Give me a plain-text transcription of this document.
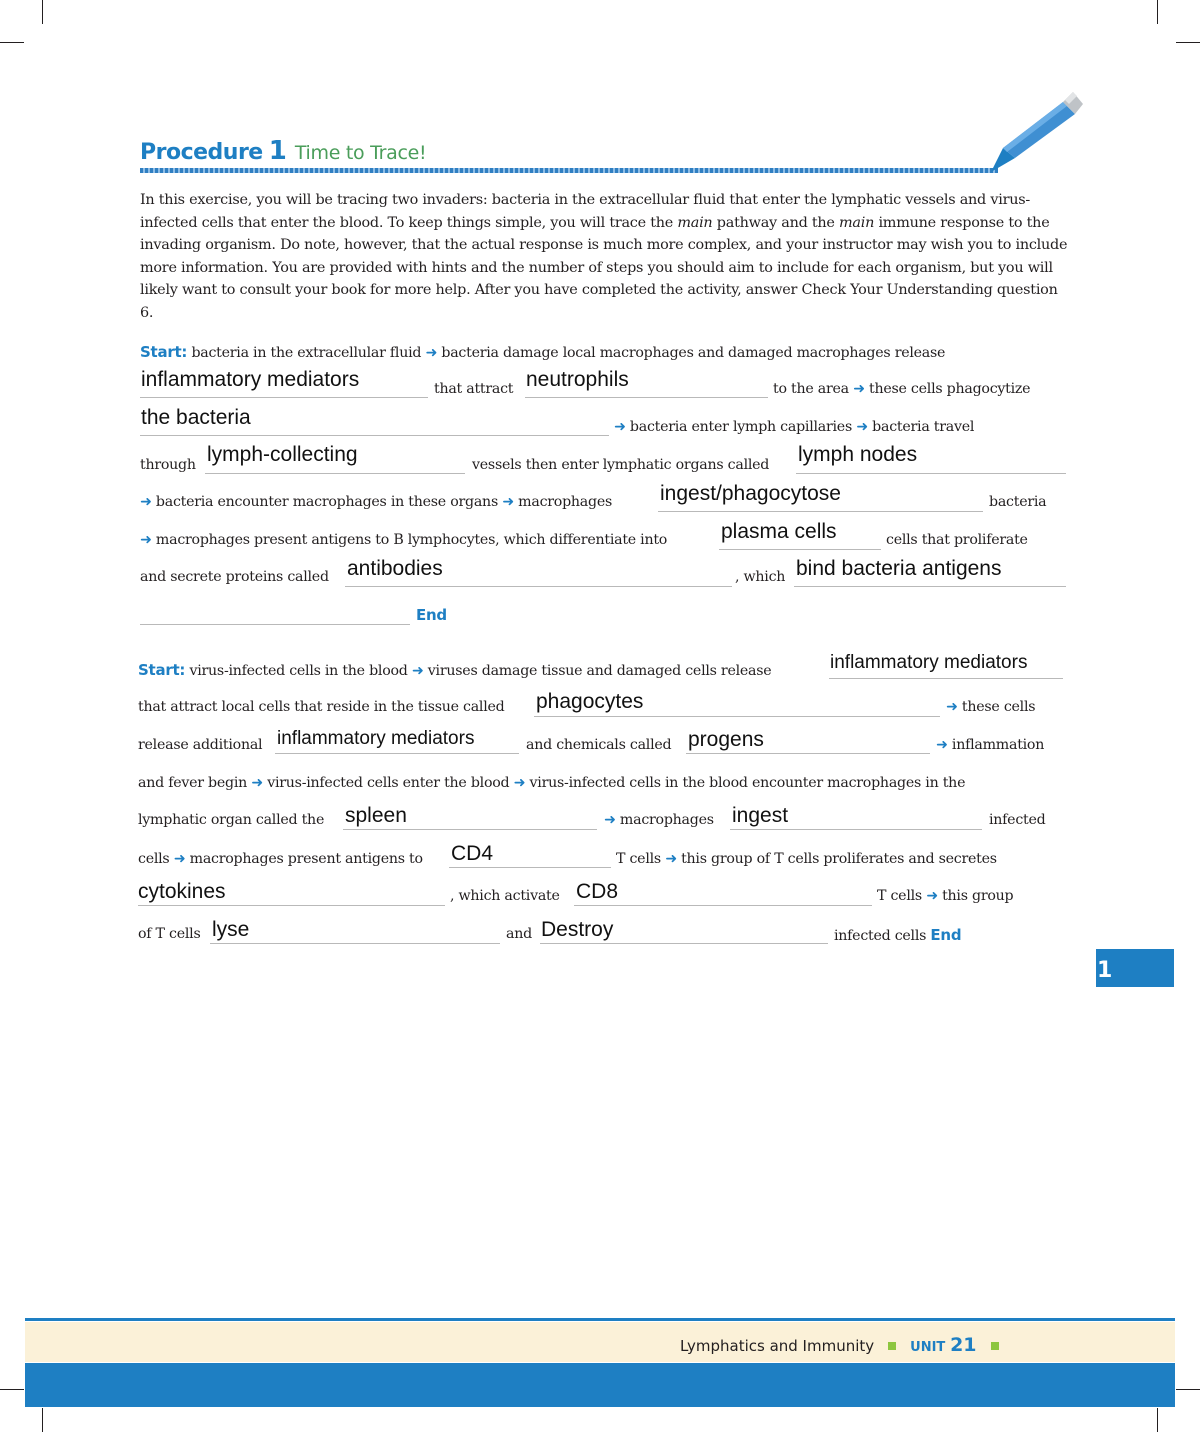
Procedure 1 Time to Trace!
In this exercise, you will be tracing two invaders: bacteria in the extracellular fluid that enter the lymphatic vessels and virus-infected cells that enter the blood. To keep things simple, you will trace the main pathway and the main immune response to the invading organism. Do note, however, that the actual response is much more complex, and your instructor may wish you to include more information. You are provided with hints and the number of steps you should aim to include for each organism, but you will likely want to consult your book for more help. After you have completed the activity, answer Check Your Understanding question 6.
Start: bacteria in the extracellular fluid ➜ bacteria damage local macrophages and damaged macrophages release
inflammatory mediators	that attract neutrophils	to the area ➜ these cells phagocytize
the bacteria	➜ bacteria enter lymph capillaries ➜ bacteria travel
through lymph-collecting	vessels then enter lymphatic organs called lymph nodes
➜ bacteria encounter macrophages in these organs ➜ macrophages ingest/phagocytose	bacteria
➜ macrophages present antigens to B lymphocytes, which differentiate into	plasma cells	cells that proliferate
and secrete proteins called antibodies	, which bind bacteria antigens
End
Start: virus-infected cells in the blood ➜ viruses damage tissue and damaged cells release	inflammatory mediators
that attract local cells that reside in the tissue called phagocytes	➜ these cells
release additional inflammatory mediators	and chemicals called progens	➜ inflammation
and fever begin ➜ virus-infected cells enter the blood ➜ virus-infected cells in the blood encounter macrophages in the
lymphatic organ called the spleen	➜ macrophages ingest	infected
cells ➜ macrophages present antigens to CD4	T cells ➜ this group of T cells proliferates and secretes
cytokines	, which activate CD8	T cells ➜ this group
of T cells lyse	and Destroy	infected cells End
1
Lymphatics and Immunity	UNIT 21
